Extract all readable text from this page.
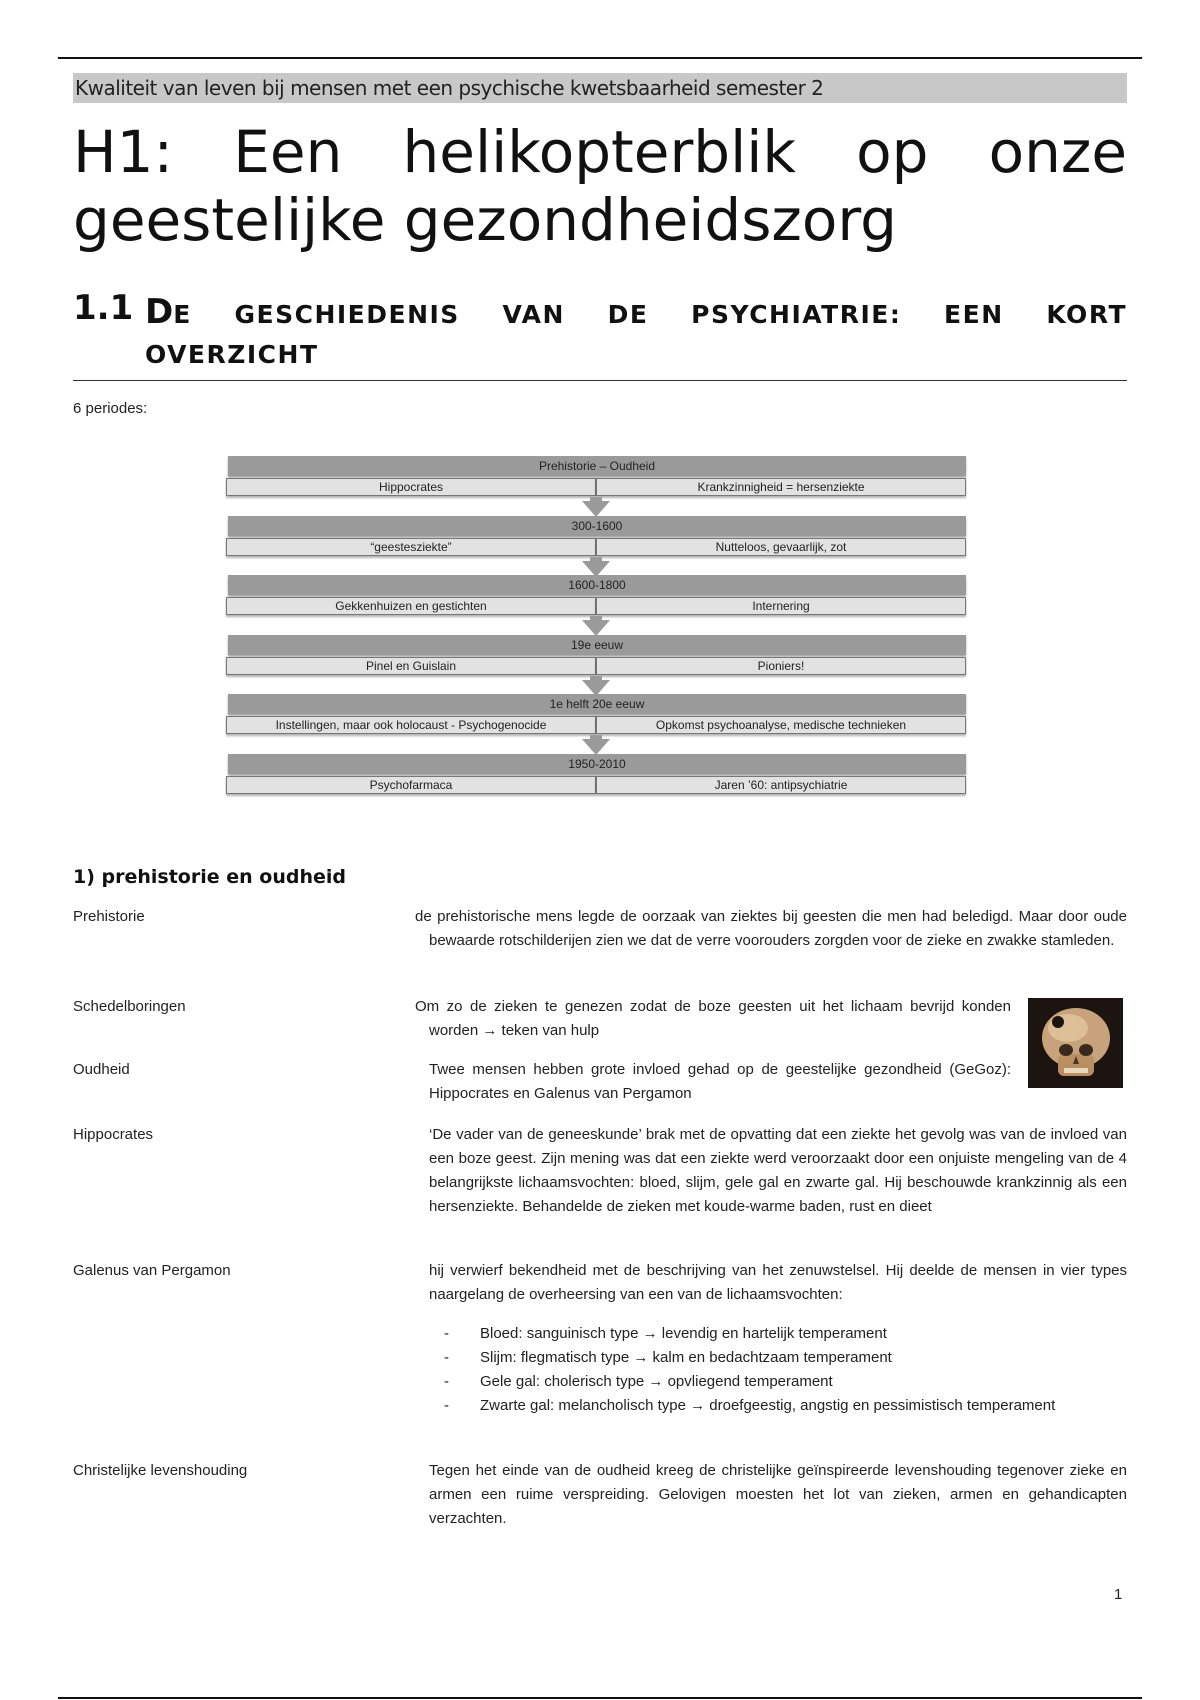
Kwaliteit van leven bij mensen met een psychische kwetsbaarheid semester 2
H1: Een helikopterblik op onze
geestelijke gezondheidszorg
1.1 DE GESCHIEDENIS VAN DE PSYCHIATRIE: EEN KORT
OVERZICHT
6 periodes:
Prehistorie – Oudheid
Hippocrates	Krankzinnigheid = hersenziekte
300-1600
“geestesziekte”	Nutteloos, gevaarlijk, zot
1600-1800
Gekkenhuizen en gestichten	Internering
19e eeuw
Pinel en Guislain	Pioniers!
1e helft 20e eeuw
Instellingen, maar ook holocaust - Psychogenocide	Opkomst psychoanalyse, medische technieken
1950-2010
Psychofarmaca	Jaren ’60: antipsychiatrie
1) prehistorie en oudheid
Prehistorie	de prehistorische mens legde de oorzaak van ziektes bij geesten die men had beledigd. Maar door oude bewaarde rotschilderijen zien we dat de verre voorouders zorgden voor de zieke en zwakke stamleden.

Schedelboringen	Om zo de zieken te genezen zodat de boze geesten uit het lichaam bevrijd konden worden → teken van hulp

Oudheid	Twee mensen hebben grote invloed gehad op de geestelijke gezondheid (GeGoz): Hippocrates en Galenus van Pergamon

Hippocrates	‘De vader van de geneeskunde’ brak met de opvatting dat een ziekte het gevolg was van de invloed van een boze geest. Zijn mening was dat een ziekte werd veroorzaakt door een onjuiste mengeling van de 4 belangrijkste lichaamsvochten: bloed, slijm, gele gal en zwarte gal. Hij beschouwde krankzinnig als een hersenziekte. Behandelde de zieken met koude-warme baden, rust en dieet

Galenus van Pergamon	hij verwierf bekendheid met de beschrijving van het zenuwstelsel. Hij deelde de mensen in vier types naargelang de overheersing van een van de lichaamsvochten:

- Bloed: sanguinisch type → levendig en hartelijk temperament
- Slijm: flegmatisch type → kalm en bedachtzaam temperament
- Gele gal: cholerisch type → opvliegend temperament
- Zwarte gal: melancholisch type → droefgeestig, angstig en pessimistisch temperament
Christelijke levenshouding	Tegen het einde van de oudheid kreeg de christelijke geïnspireerde levenshouding tegenover zieke en armen een ruime verspreiding. Gelovigen moesten het lot van zieken, armen en gehandicapten verzachten.

1
